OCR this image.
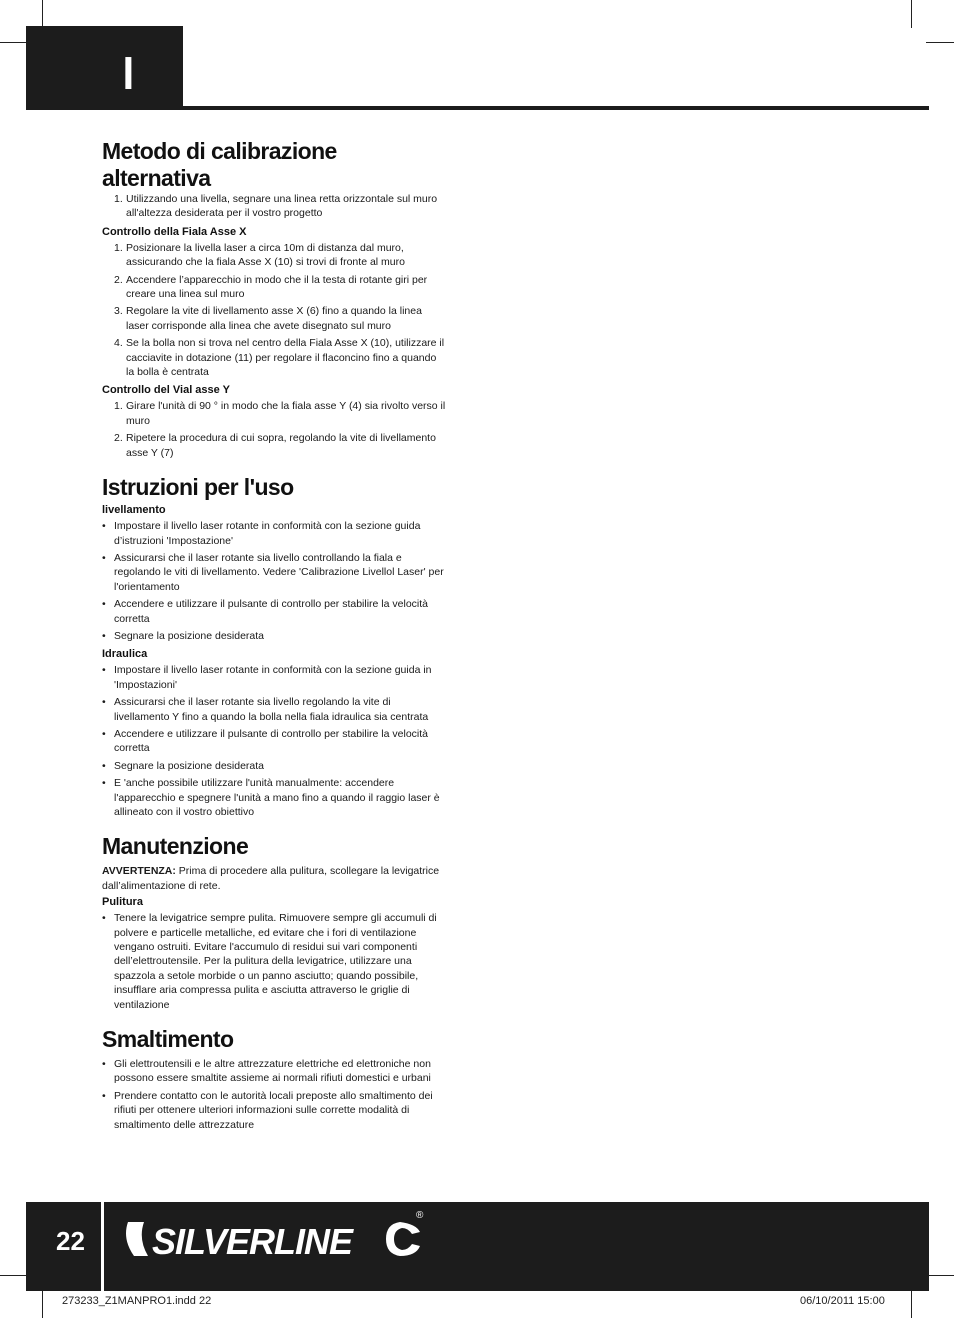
I
Metodo di calibrazione
alternativa
1. Utilizzando una livella, segnare una linea retta orizzontale sul muro all'altezza desiderata per il vostro progetto
Controllo della Fiala Asse X
1. Posizionare la livella laser a circa 10m di distanza dal muro, assicurando che la fiala Asse X (10) si trovi di fronte al muro
2. Accendere l’apparecchio in modo che il la testa di rotante giri per creare una linea sul muro
3. Regolare la vite di livellamento asse X (6) fino a quando la linea laser corrisponde alla linea che avete disegnato sul muro
4. Se la bolla non si trova nel centro della Fiala Asse X (10), utilizzare il cacciavite in dotazione (11) per regolare il flaconcino fino a quando la bolla è centrata
Controllo del Vial asse Y
1. Girare l'unità di 90 ° in modo che la fiala asse Y (4) sia rivolto verso il muro
2. Ripetere la procedura di cui sopra, regolando la vite di livellamento asse Y (7)
Istruzioni per l'uso
livellamento
• Impostare il livello laser rotante in conformità con la sezione guida d’istruzioni 'Impostazione'
• Assicurarsi che il laser rotante sia livello controllando la fiala e regolando le viti di livellamento. Vedere 'Calibrazione Livellol Laser' per l'orientamento
• Accendere e utilizzare il pulsante di controllo per stabilire la velocità corretta
• Segnare la posizione desiderata
Idraulica
• Impostare il livello laser rotante in conformità con la sezione guida in 'Impostazioni'
• Assicurarsi che il laser rotante sia livello regolando la vite di livellamento Y fino a quando la bolla nella fiala idraulica sia centrata
• Accendere e utilizzare il pulsante di controllo per stabilire la velocità corretta
• Segnare la posizione desiderata
• E 'anche possibile utilizzare l'unità manualmente: accendere l'apparecchio e spegnere l'unità a mano fino a quando il raggio laser è allineato con il vostro obiettivo
Manutenzione

AVVERTENZA: Prima di procedere alla pulitura, scollegare la levigatrice dall’alimentazione di rete.

Pulitura
• Tenere la levigatrice sempre pulita. Rimuovere sempre gli accumuli di polvere e particelle metalliche, ed evitare che i fori di ventilazione vengano ostruiti. Evitare l'accumulo di residui sui vari componenti dell’elettroutensile. Per la pulitura della levigatrice, utilizzare una spazzola a setole morbide o un panno asciutto; quando possibile, insufflare aria compressa pulita e asciutta attraverso le griglie di ventilazione
Smaltimento
• Gli elettroutensili e le altre attrezzature elettriche ed elettroniche non possono essere smaltite assieme ai normali rifiuti domestici e urbani
• Prendere contatto con le autorità locali preposte allo smaltimento dei rifiuti per ottenere ulteriori informazioni sulle corrette modalità di smaltimento delle attrezzature
22 SILVERLINE
®
273233_Z1MANPRO1.indd 22	06/10/2011 15:00
